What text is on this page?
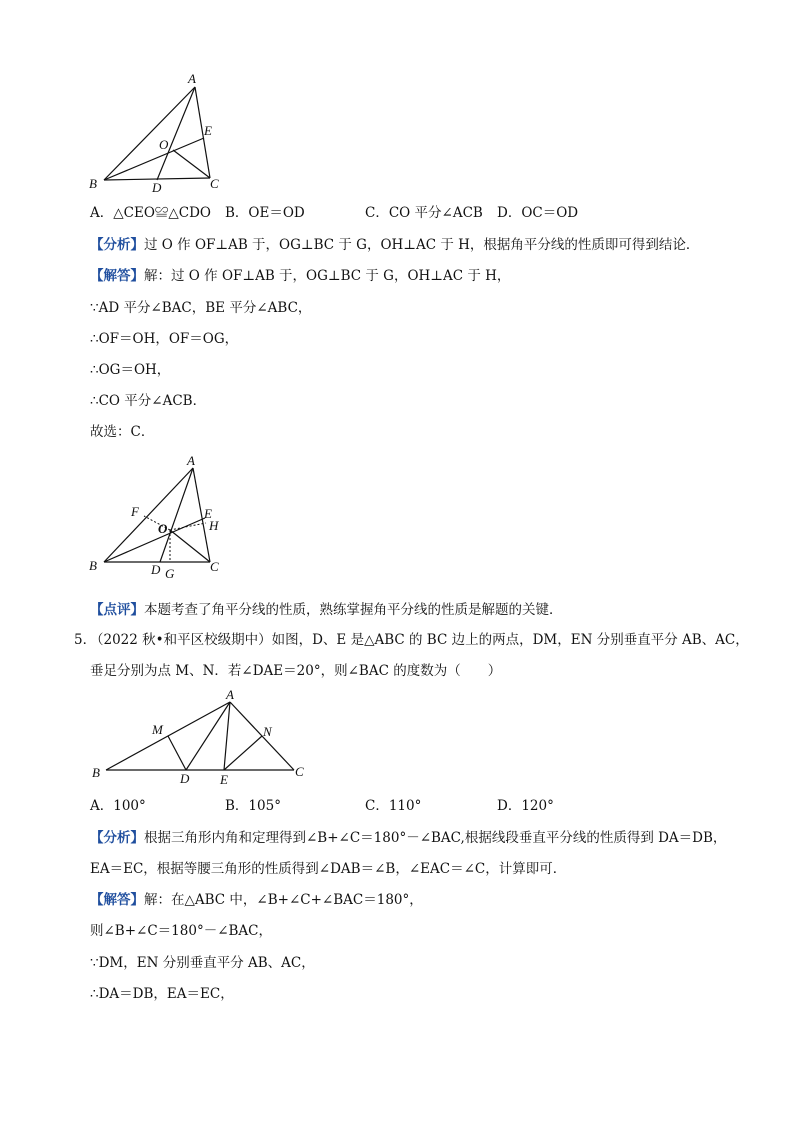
A
B	C
D
E
O
A．△CEO≌△CDO B．OE＝OD	C．CO 平分∠ACB D．OC＝OD
【分析】过 O 作 OF⊥AB 于，OG⊥BC 于 G，OH⊥AC 于 H，根据角平分线的性质即可得到结论．
【解答】解：过 O 作 OF⊥AB 于，OG⊥BC 于 G，OH⊥AC 于 H，
∵AD 平分∠BAC，BE 平分∠ABC，
∴OF＝OH，OF＝OG，
∴OG＝OH，
∴CO 平分∠ACB．
故选：C．
A
B	C
D G
E
H
F
O
【点评】本题考查了角平分线的性质，熟练掌握角平分线的性质是解题的关键．
5．
（2022 秋•和平区校级期中）如图，D、E 是△ABC 的 BC 边上的两点，DM，EN 分别垂直平分 AB、AC，
垂足分别为点 M、N．若∠DAE＝20°，则∠BAC 的度数为（　　）
A
B	C
D E
M	N
A．100°	B．105°	C．110°	D．120°
【分析】根据三角形内角和定理得到∠B+∠C＝180°－∠BAC,根据线段垂直平分线的性质得到 DA＝DB，
EA＝EC，根据等腰三角形的性质得到∠DAB＝∠B，∠EAC＝∠C，计算即可．
【解答】解：在△ABC 中，∠B+∠C+∠BAC＝180°，
则∠B+∠C＝180°－∠BAC，
∵DM，EN 分别垂直平分 AB、AC，
∴DA＝DB，EA＝EC，
